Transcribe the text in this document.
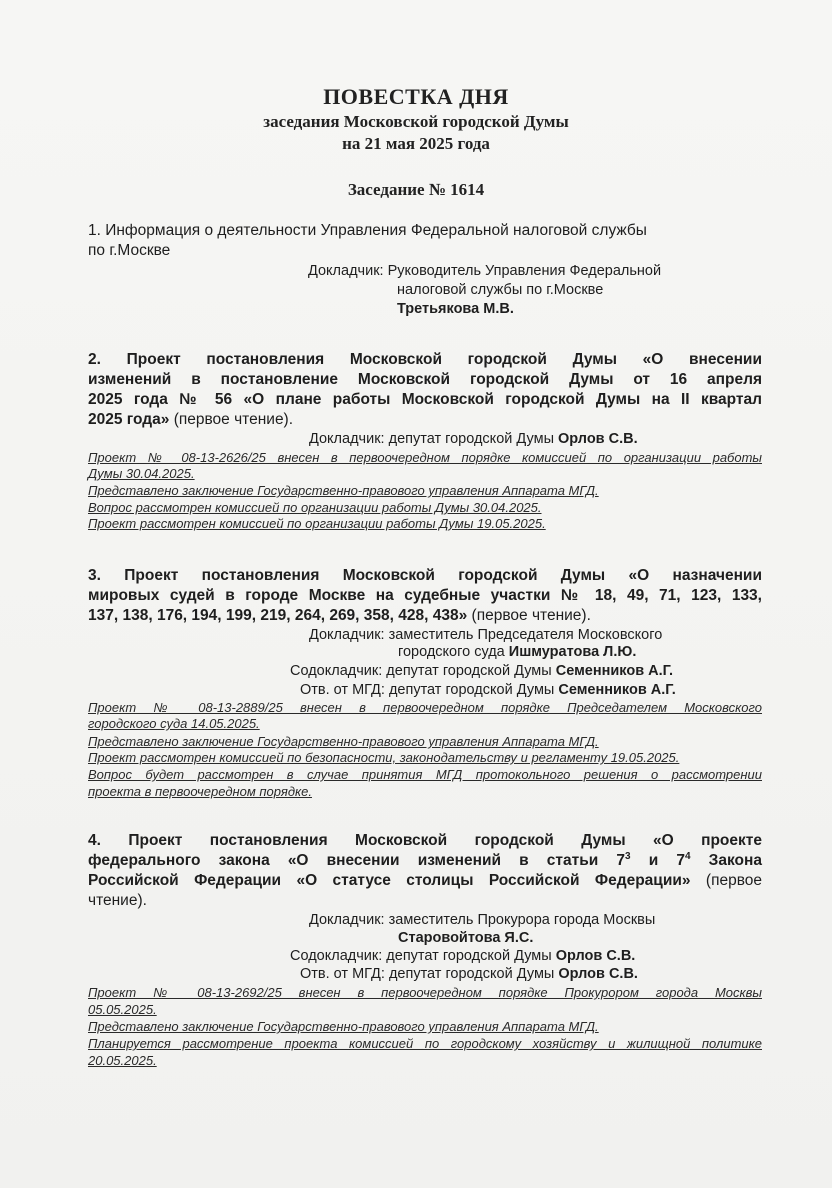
ПОВЕСТКА ДНЯ
заседания Московской городской Думы
на 21 мая 2025 года
Заседание № 1614
1. Информация о деятельности Управления Федеральной налоговой службы
по г.Москве
Докладчик: Руководитель Управления Федеральной
налоговой службы по г.Москве
Третьякова М.В.
2. Проект постановления Московской городской Думы «О внесении
изменений в постановление Московской городской Думы от 16 апреля
2025 года № 56 «О плане работы Московской городской Думы на II квартал
2025 года» (первое чтение).
Докладчик: депутат городской Думы Орлов С.В.
Проект № 08-13-2626/25 внесен в первоочередном порядке комиссией по организации работы
Думы 30.04.2025.
Представлено заключение Государственно-правового управления Аппарата МГД.
Вопрос рассмотрен комиссией по организации работы Думы 30.04.2025.
Проект рассмотрен комиссией по организации работы Думы 19.05.2025.
3. Проект постановления Московской городской Думы «О назначении
мировых судей в городе Москве на судебные участки № 18, 49, 71, 123, 133,
137, 138, 176, 194, 199, 219, 264, 269, 358, 428, 438» (первое чтение).
Докладчик: заместитель Председателя Московского
городского суда Ишмуратова Л.Ю.
Содокладчик: депутат городской Думы Семенников А.Г.
Отв. от МГД: депутат городской Думы Семенников А.Г.
Проект № 08-13-2889/25 внесен в первоочередном порядке Председателем Московского
городского суда 14.05.2025.
Представлено заключение Государственно-правового управления Аппарата МГД.
Проект рассмотрен комиссией по безопасности, законодательству и регламенту 19.05.2025.
Вопрос будет рассмотрен в случае принятия МГД протокольного решения о рассмотрении
проекта в первоочередном порядке.
4. Проект постановления Московской городской Думы «О проекте
федерального закона «О внесении изменений в статьи $7^3$ и $7^4$ Закона
Российской Федерации «О статусе столицы Российской Федерации» (первое
чтение).
Докладчик: заместитель Прокурора города Москвы
Старовойтова Я.С.
Содокладчик: депутат городской Думы Орлов С.В.
Отв. от МГД: депутат городской Думы Орлов С.В.
Проект № 08-13-2692/25 внесен в первоочередном порядке Прокурором города Москвы
05.05.2025.
Представлено заключение Государственно-правового управления Аппарата МГД.
Планируется рассмотрение проекта комиссией по городскому хозяйству и жилищной политике
20.05.2025.
